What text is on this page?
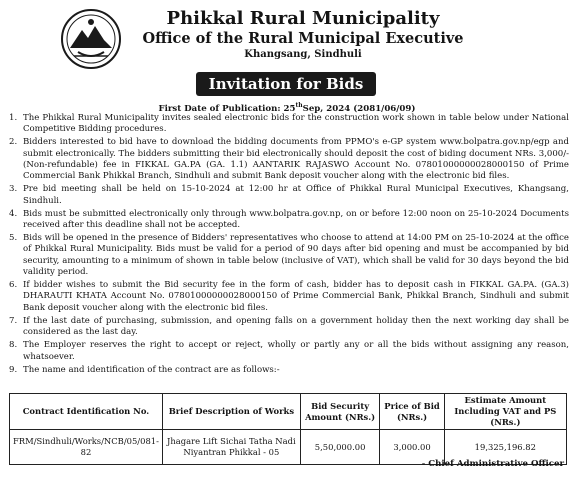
Phikkal Rural Municipality
Office of the Rural Municipal Executive
Khangsang, Sindhuli
Invitation for Bids
First Date of Publication: 25thSep, 2024 (2081/06/09)
1. The Phikkal Rural Municipality invites sealed electronic bids for the construction work shown in table below under National Competitive Bidding procedures.
2. Bidders interested to bid have to download the bidding documents from PPMO's e-GP system www.bolpatra.gov.np/egp and submit electronically. The bidders submitting their bid electronically should deposit the cost of biding document NRs. 3,000/- (Non-refundable) fee in FIKKAL GA.PA (GA. 1.1) AANTARIK RAJASWO Account No. 07801000000028000150 of Prime Commercial Bank Phikkal Branch, Sindhuli and submit Bank deposit voucher along with the electronic bid files.
3. Pre bid meeting shall be held on 15-10-2024 at 12:00 hr at Office of Phikkal Rural Municipal Executives, Khangsang, Sindhuli.
4. Bids must be submitted electronically only through www.bolpatra.gov.np, on or before 12:00 noon on 25-10-2024 Documents received after this deadline shall not be accepted.
5. Bids will be opened in the presence of Bidders' representatives who choose to attend at 14:00 PM on 25-10-2024 at the office of Phikkal Rural Municipality. Bids must be valid for a period of 90 days after bid opening and must be accompanied by bid security, amounting to a minimum of shown in table below (inclusive of VAT), which shall be valid for 30 days beyond the bid validity period.
6. If bidder wishes to submit the Bid security fee in the form of cash, bidder has to deposit cash in FIKKAL GA.PA. (GA.3) DHARAUTI KHATA Account No. 07801000000028000150 of Prime Commercial Bank, Phikkal Branch, Sindhuli and submit Bank deposit voucher along with the electronic bid files.
7. If the last date of purchasing, submission, and opening falls on a government holiday then the next working day shall be considered as the last day.
8. The Employer reserves the right to accept or reject, wholly or partly any or all the bids without assigning any reason, whatsoever.
9. The name and identification of the contract are as follows:-
Contract Identification No.	Brief Description of Works	Bid Security Amount (NRs.)	Price of Bid (NRs.)	Estimate Amount Including VAT and PS (NRs.)
FRM/Sindhuli/Works/NCB/05/081-82	Jhagare Lift Sichai Tatha Nadi Niyantran Phikkal - 05	5,50,000.00	3,000.00	19,325,196.82
- Chief Administrative Officer
